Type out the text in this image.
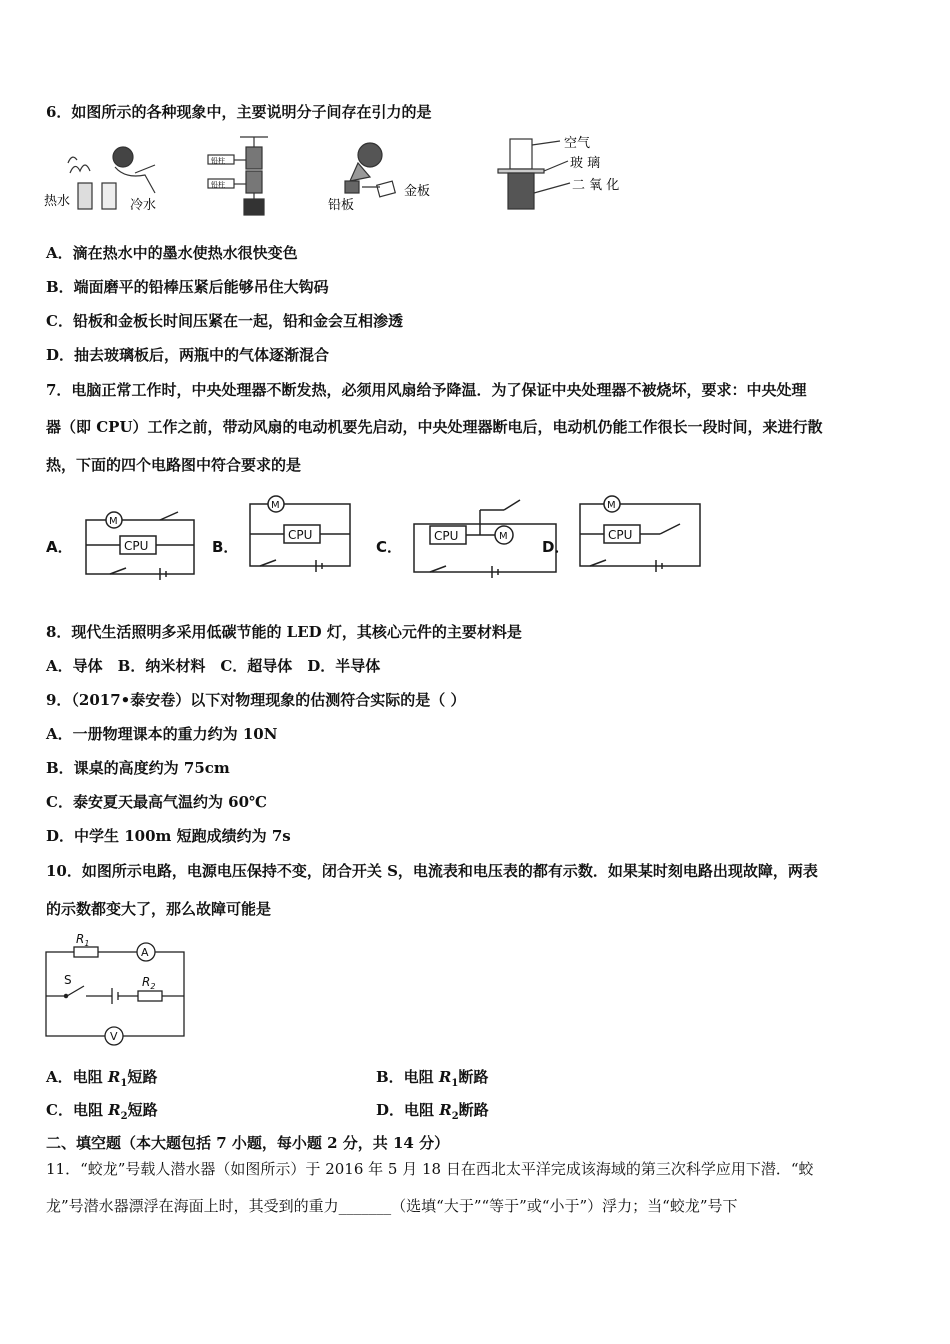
6．如图所示的各种现象中，主要说明分子间存在引力的是
热水	冷水
铅柱
铅柱
铅板
金板
空气
玻 璃
二 氧 化
A．滴在热水中的墨水使热水很快变色
B．端面磨平的铅棒压紧后能够吊住大钩码
C．铅板和金板长时间压紧在一起，铅和金会互相渗透
D．抽去玻璃板后，两瓶中的气体逐渐混合
7．电脑正常工作时，中央处理器不断发热，必须用风扇给予降温．为了保证中央处理器不被烧坏，要求：中央处理
器（即 CPU）工作之前，带动风扇的电动机要先启动，中央处理器断电后，电动机仍能工作很长一段时间，来进行散
热，下面的四个电路图中符合要求的是
A．
M
CPU	B．
M
CPU
C．
M
CPU
D．
M
CPU
8．现代生活照明多采用低碳节能的 LED 灯，其核心元件的主要材料是
A．导体　B．纳米材料　C．超导体　D．半导体
9．（2017•泰安卷）以下对物理现象的估测符合实际的是（ ）
A．一册物理课本的重力约为 10N
B．课桌的高度约为 75cm
C．泰安夏天最高气温约为 60℃
D．中学生 100m 短跑成绩约为 7s
10．如图所示电路，电源电压保持不变，闭合开关 S，电流表和电压表的都有示数．如果某时刻电路出现故障，两表
的示数都变大了，那么故障可能是
$R_1$
A
S	$R_2$
V
A．电阻 $R_1$短路	B．电阻 $R_1$断路
C．电阻 $R_2$短路	D．电阻 $R_2$断路
二、填空题（本大题包括 7 小题，每小题 2 分，共 14 分）
11．“蛟龙”号载人潜水器（如图所示）于 2016 年 5 月 18 日在西北太平洋完成该海域的第三次科学应用下潜．“蛟
龙”号潜水器漂浮在海面上时，其受到的重力_______（选填“大于”“等于”或“小于”）浮力；当“蛟龙”号下
